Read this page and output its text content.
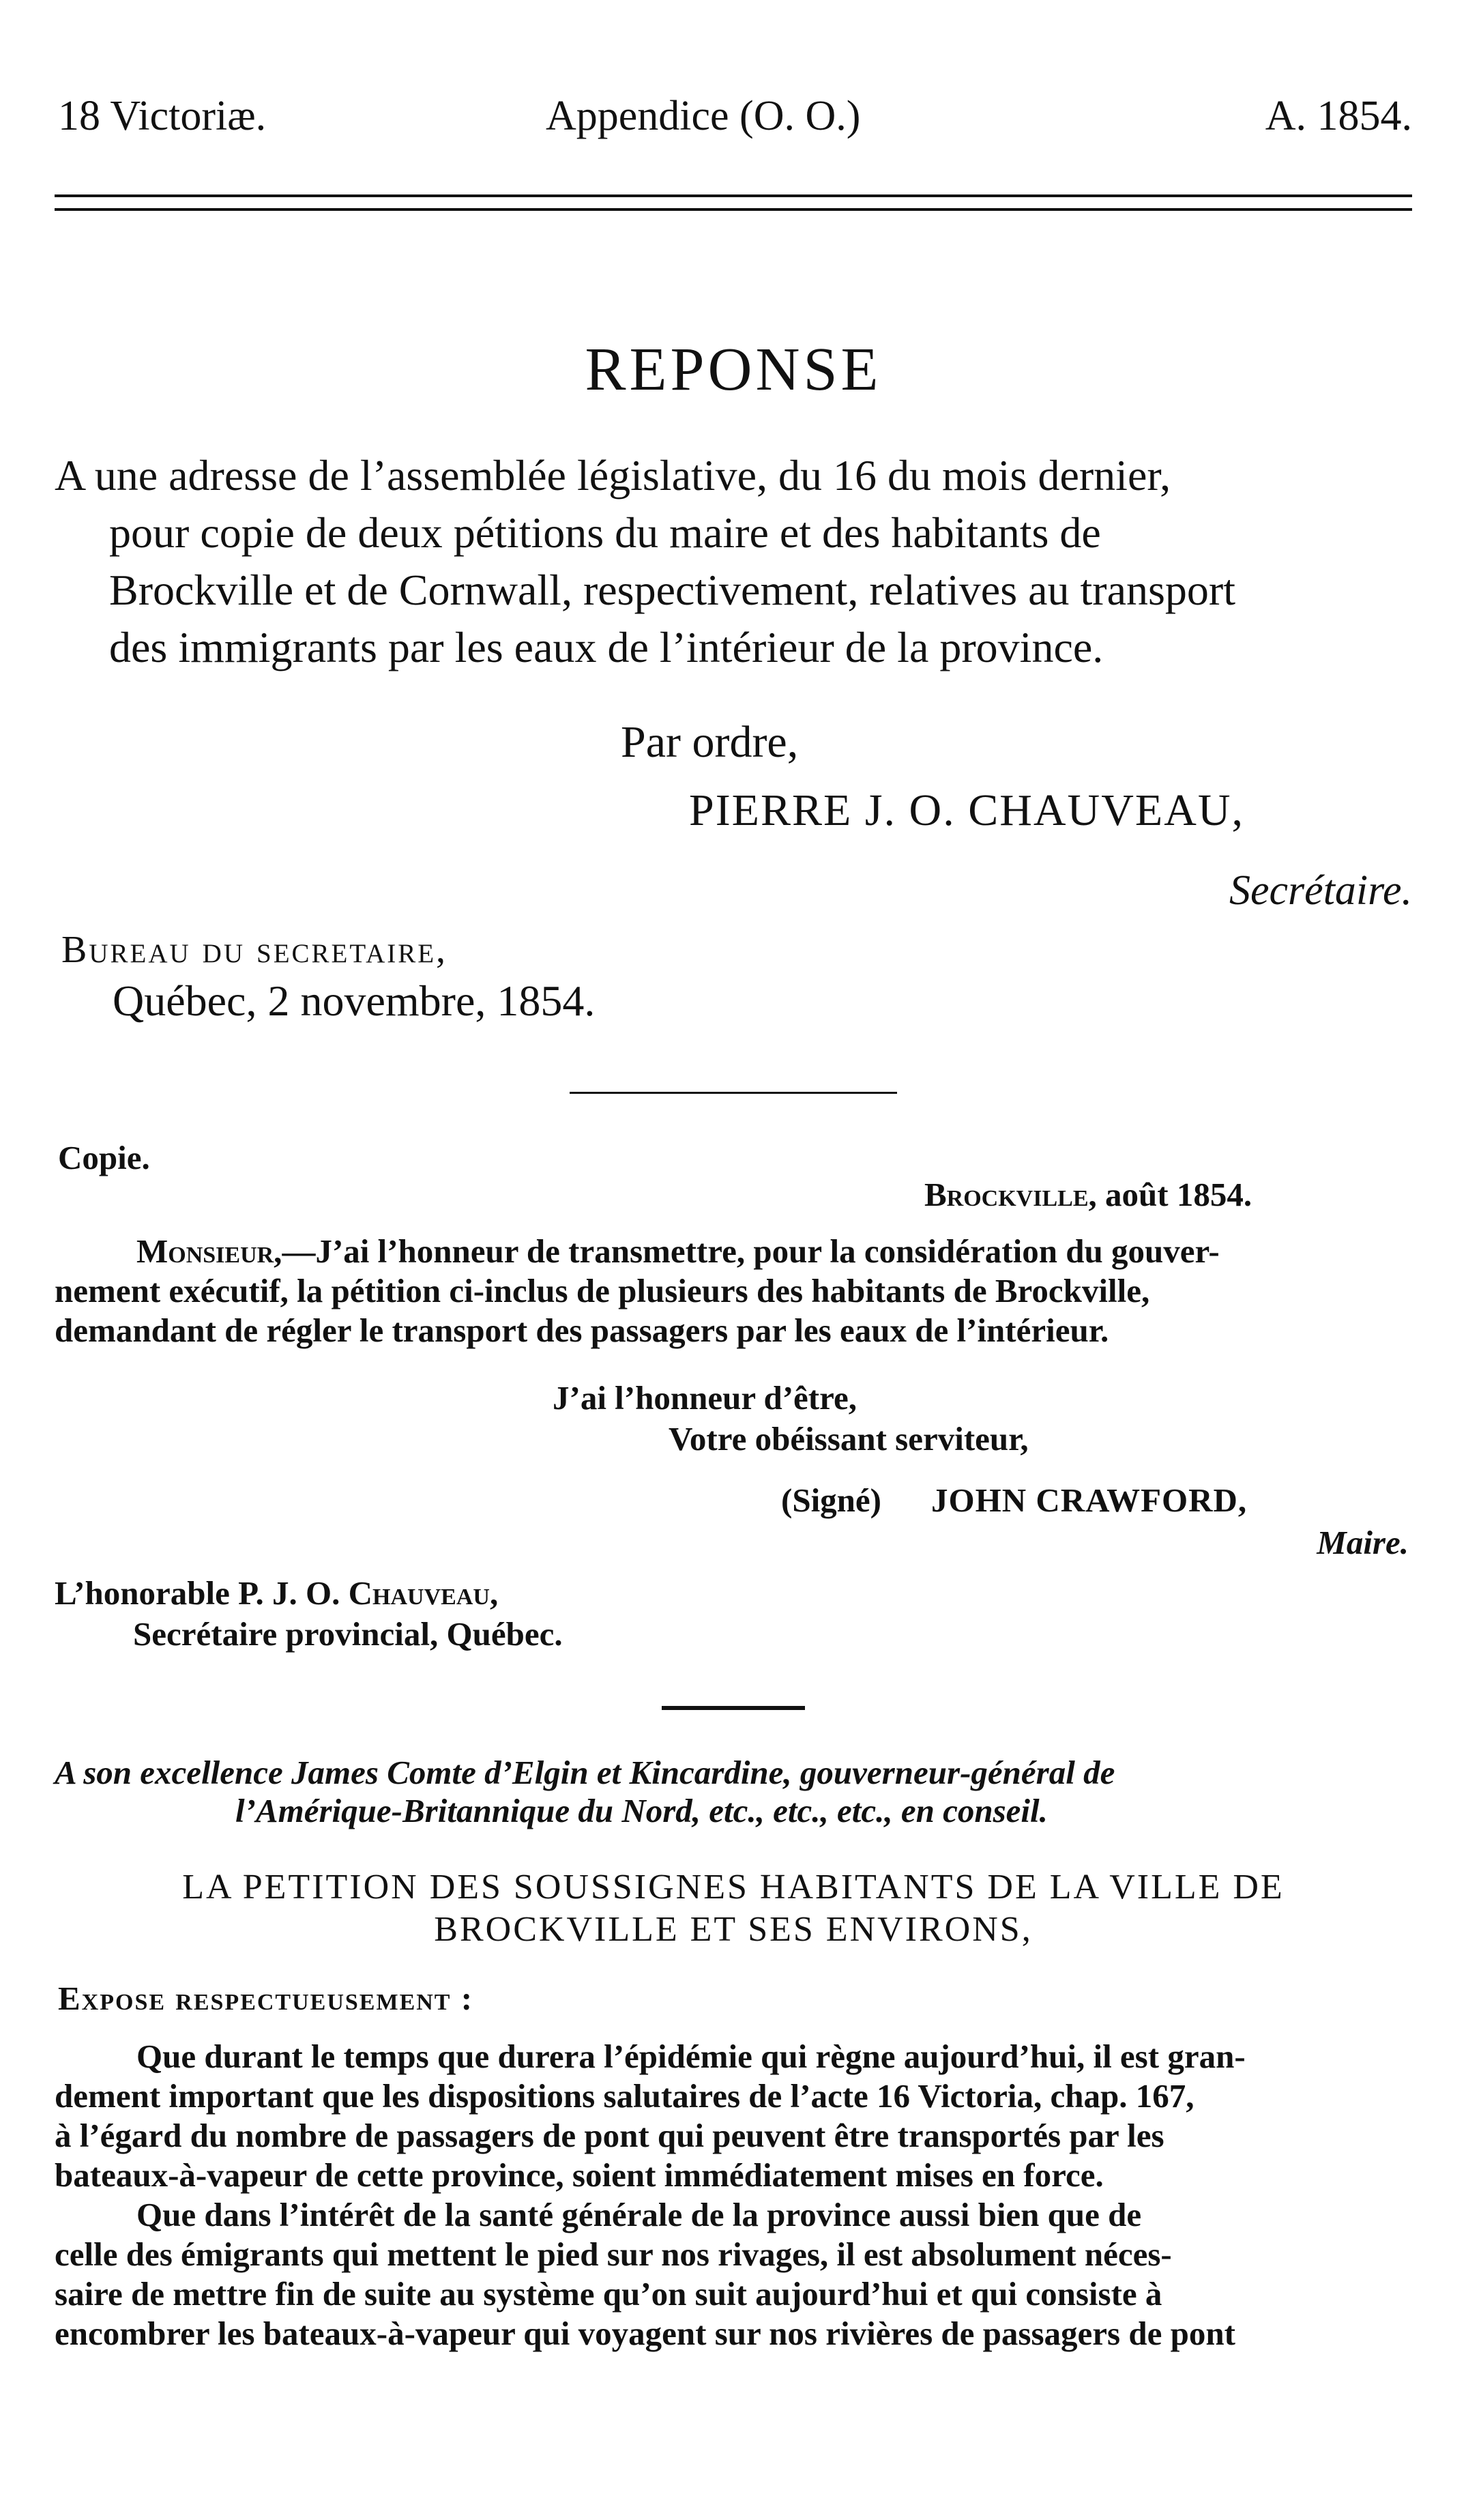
18 Victoriæ.	Appendice (O. O.)	A. 1854.
REPONSE
A une adresse de l’assemblée législative, du 16 du mois dernier,
pour copie de deux pétitions du maire et des habitants de
Brockville et de Cornwall, respectivement, relatives au transport
des immigrants par les eaux de l’intérieur de la province.
Par ordre,
PIERRE J. O. CHAUVEAU,
Secrétaire.
Bureau du secretaire,
Québec, 2 novembre, 1854.
Copie.
Brockville, août 1854.
Monsieur,—J’ai l’honneur de transmettre, pour la considération du gouver-
nement exécutif, la pétition ci-inclus de plusieurs des habitants de Brockville,
demandant de régler le transport des passagers par les eaux de l’intérieur.
J’ai l’honneur d’être,
Votre obéissant serviteur,
(Signé) JOHN CRAWFORD,
Maire.
L’honorable P. J. O. Chauveau,
Secrétaire provincial, Québec.
A son excellence James Comte d’Elgin et Kincardine, gouverneur-général de
l’Amérique-Britannique du Nord, etc., etc., etc., en conseil.
LA PETITION DES SOUSSIGNES HABITANTS DE LA VILLE DE
BROCKVILLE ET SES ENVIRONS,
Expose respectueusement :
Que durant le temps que durera l’épidémie qui règne aujourd’hui, il est gran-
dement important que les dispositions salutaires de l’acte 16 Victoria, chap. 167,
à l’égard du nombre de passagers de pont qui peuvent être transportés par les
bateaux-à-vapeur de cette province, soient immédiatement mises en force.
Que dans l’intérêt de la santé générale de la province aussi bien que de
celle des émigrants qui mettent le pied sur nos rivages, il est absolument néces-
saire de mettre fin de suite au système qu’on suit aujourd’hui et qui consiste à
encombrer les bateaux-à-vapeur qui voyagent sur nos rivières de passagers de pont
